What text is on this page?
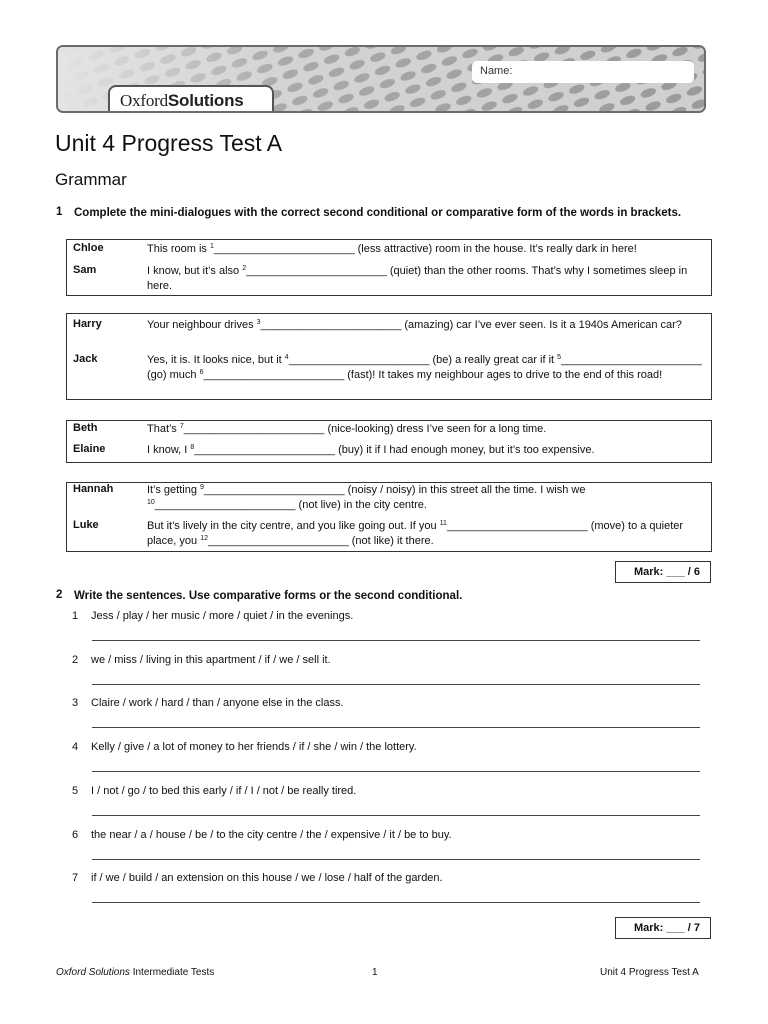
Name:
OxfordSolutions
Unit 4 Progress Test A
Grammar
1 Complete the mini-dialogues with the correct second conditional or comparative form of the words in brackets.
Chloe	This room is $^1$_______________________ (less attractive) room in the house. It’s really dark in here!
Sam	I know, but it’s also $^2$_______________________ (quiet) than the other rooms. That’s why I sometimes sleep in here.
Harry	Your neighbour drives $^3$_______________________ (amazing) car I’ve ever seen. Is it a 1940s American car?
Jack	Yes, it is. It looks nice, but it $^4$_______________________ (be) a really great car if it $^5$_______________________ (go) much $^6$_______________________ (fast)! It takes my neighbour ages to drive to the end of this road!
Beth	That’s $^7$_______________________ (nice-looking) dress I’ve seen for a long time.
Elaine	I know, I $^8$_______________________ (buy) it if I had enough money, but it’s too expensive.
Hannah	It’s getting $^9$_______________________ (noisy / noisy) in this street all the time. I wish we $^{10}$_______________________ (not live) in the city centre.
Luke	But it’s lively in the city centre, and you like going out. If you $^{11}$_______________________ (move) to a quieter place, you $^{12}$_______________________ (not like) it there.
Mark: ___ / 6
2 Write the sentences. Use comparative forms or the second conditional.
1 Jess / play / her music / more / quiet / in the evenings.
2 we / miss / living in this apartment / if / we / sell it.
3 Claire / work / hard / than / anyone else in the class.
4 Kelly / give / a lot of money to her friends / if / she / win / the lottery.
5 I / not / go / to bed this early / if / I / not / be really tired.
6 the near / a / house / be / to the city centre / the / expensive / it / be to buy.
7 if / we / build / an extension on this house / we / lose / half of the garden.
Mark: ___ / 7
Oxford Solutions Intermediate Tests	1	Unit 4 Progress Test A
